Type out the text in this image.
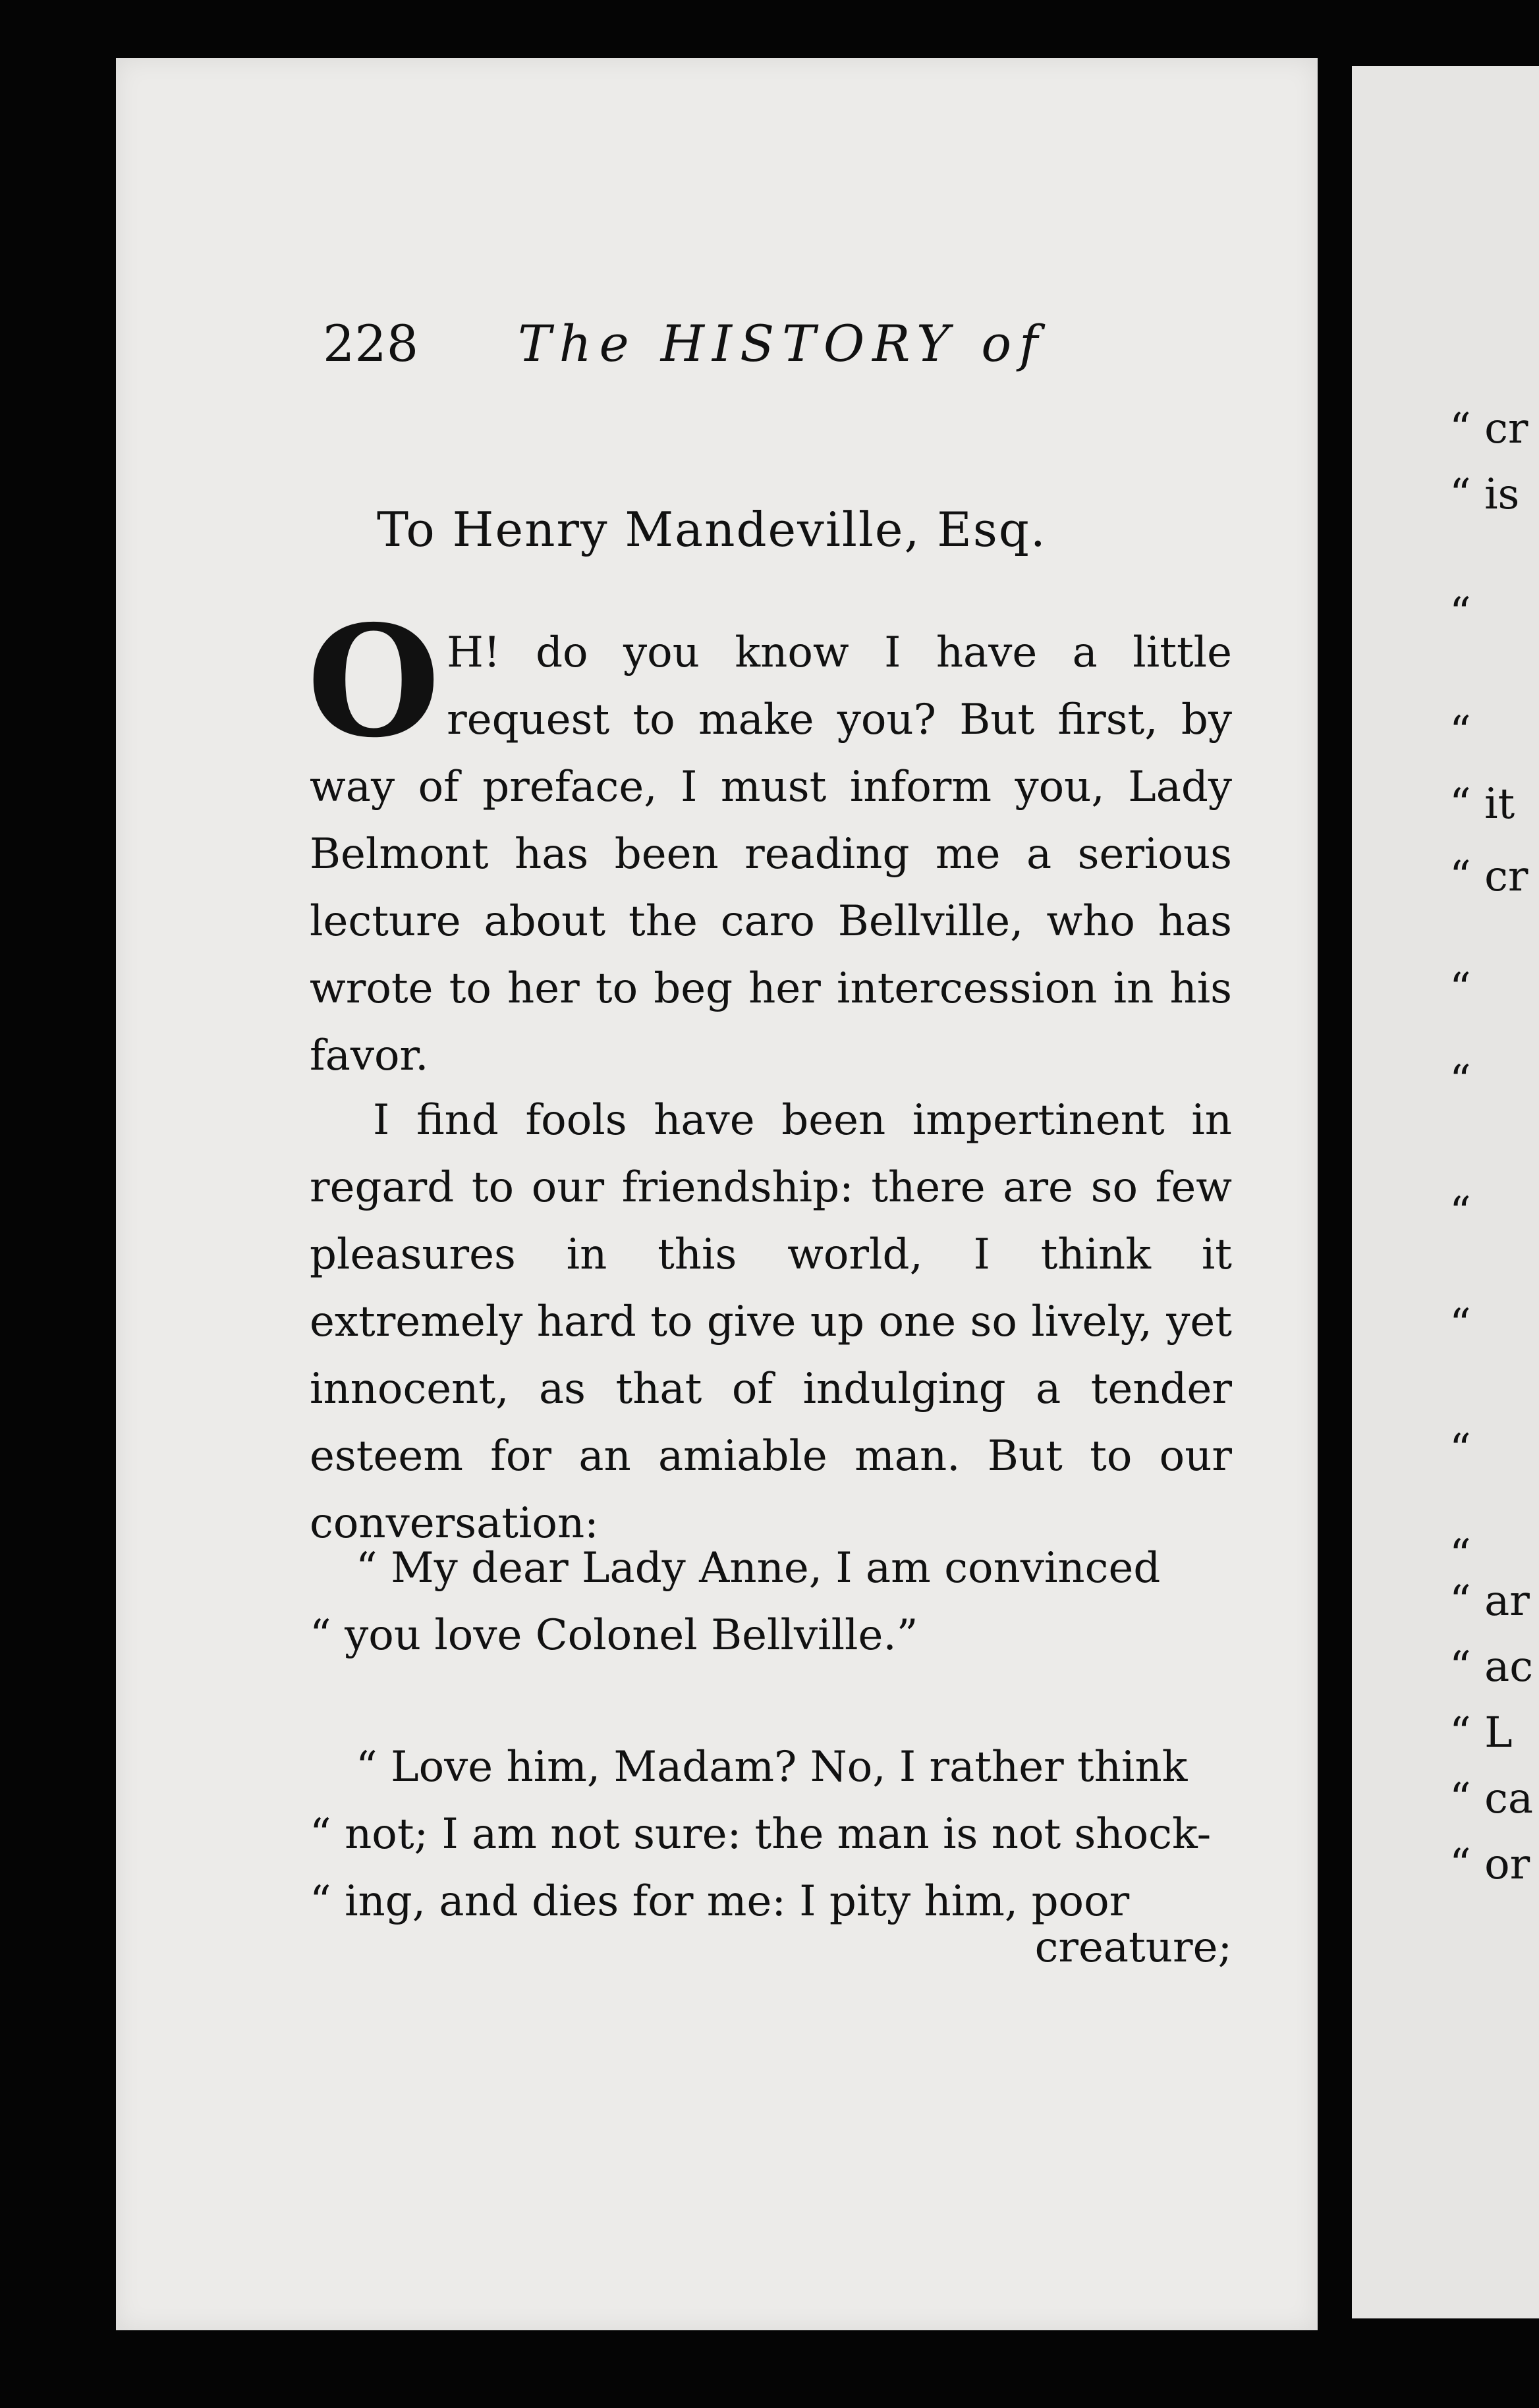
228 The HISTORY of
To Henry Mandeville, Esq.
O H! do you know I have a little request to make you? But first, by way of preface, I must inform you, Lady Belmont has been reading me a serious lecture about the caro Bellville, who has wrote to her to beg her intercession in his favor.
I find fools have been impertinent in regard to our friendship: there are so few pleasures in this world, I think it extremely hard to give up one so lively, yet innocent, as that of indulging a tender esteem for an amiable man. But to our conversation:
“ My dear Lady Anne, I am convinced
“ you love Colonel Bellville.”
“ Love him, Madam? No, I rather think
“ not; I am not sure: the man is not shock-
“ ing, and dies for me: I pity him, poor
creature;
“ cr
“ is
“
“
“ it
“ cr
“
“
“
“
“
“
“ ar
“ ac
“ L
“ ca
“ or
